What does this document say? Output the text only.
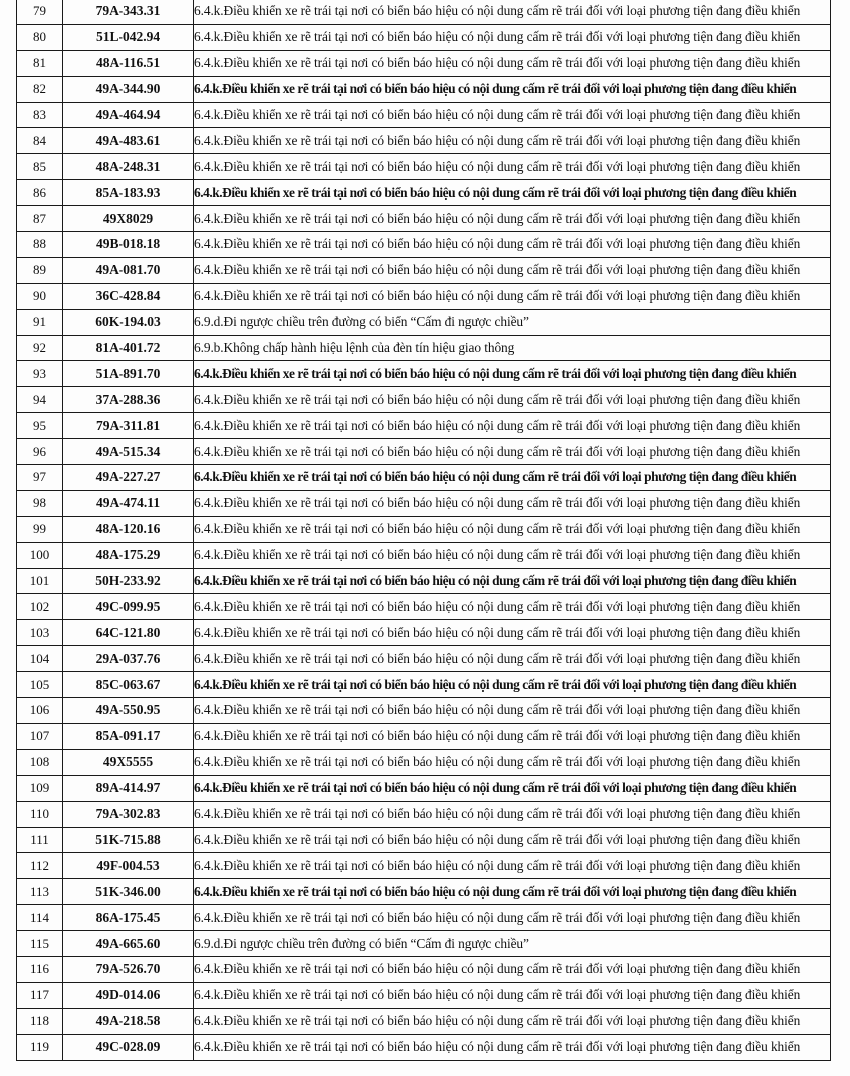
79	79A-343.31	6.4.k.Điều khiển xe rẽ trái tại nơi có biển báo hiệu có nội dung cấm rẽ trái đối với loại phương tiện đang điều khiển
80	51L-042.94	6.4.k.Điều khiển xe rẽ trái tại nơi có biển báo hiệu có nội dung cấm rẽ trái đối với loại phương tiện đang điều khiển
81	48A-116.51	6.4.k.Điều khiển xe rẽ trái tại nơi có biển báo hiệu có nội dung cấm rẽ trái đối với loại phương tiện đang điều khiển
82	49A-344.90	6.4.k.Điều khiển xe rẽ trái tại nơi có biển báo hiệu có nội dung cấm rẽ trái đối với loại phương tiện đang điều khiển
83	49A-464.94	6.4.k.Điều khiển xe rẽ trái tại nơi có biển báo hiệu có nội dung cấm rẽ trái đối với loại phương tiện đang điều khiển
84	49A-483.61	6.4.k.Điều khiển xe rẽ trái tại nơi có biển báo hiệu có nội dung cấm rẽ trái đối với loại phương tiện đang điều khiển
85	48A-248.31	6.4.k.Điều khiển xe rẽ trái tại nơi có biển báo hiệu có nội dung cấm rẽ trái đối với loại phương tiện đang điều khiển
86	85A-183.93	6.4.k.Điều khiển xe rẽ trái tại nơi có biển báo hiệu có nội dung cấm rẽ trái đối với loại phương tiện đang điều khiển
87	49X8029	6.4.k.Điều khiển xe rẽ trái tại nơi có biển báo hiệu có nội dung cấm rẽ trái đối với loại phương tiện đang điều khiển
88	49B-018.18	6.4.k.Điều khiển xe rẽ trái tại nơi có biển báo hiệu có nội dung cấm rẽ trái đối với loại phương tiện đang điều khiển
89	49A-081.70	6.4.k.Điều khiển xe rẽ trái tại nơi có biển báo hiệu có nội dung cấm rẽ trái đối với loại phương tiện đang điều khiển
90	36C-428.84	6.4.k.Điều khiển xe rẽ trái tại nơi có biển báo hiệu có nội dung cấm rẽ trái đối với loại phương tiện đang điều khiển
91	60K-194.03	6.9.d.Đi ngược chiều trên đường có biển “Cấm đi ngược chiều”
92	81A-401.72	6.9.b.Không chấp hành hiệu lệnh của đèn tín hiệu giao thông
93	51A-891.70	6.4.k.Điều khiển xe rẽ trái tại nơi có biển báo hiệu có nội dung cấm rẽ trái đối với loại phương tiện đang điều khiển
94	37A-288.36	6.4.k.Điều khiển xe rẽ trái tại nơi có biển báo hiệu có nội dung cấm rẽ trái đối với loại phương tiện đang điều khiển
95	79A-311.81	6.4.k.Điều khiển xe rẽ trái tại nơi có biển báo hiệu có nội dung cấm rẽ trái đối với loại phương tiện đang điều khiển
96	49A-515.34	6.4.k.Điều khiển xe rẽ trái tại nơi có biển báo hiệu có nội dung cấm rẽ trái đối với loại phương tiện đang điều khiển
97	49A-227.27	6.4.k.Điều khiển xe rẽ trái tại nơi có biển báo hiệu có nội dung cấm rẽ trái đối với loại phương tiện đang điều khiển
98	49A-474.11	6.4.k.Điều khiển xe rẽ trái tại nơi có biển báo hiệu có nội dung cấm rẽ trái đối với loại phương tiện đang điều khiển
99	48A-120.16	6.4.k.Điều khiển xe rẽ trái tại nơi có biển báo hiệu có nội dung cấm rẽ trái đối với loại phương tiện đang điều khiển
100	48A-175.29	6.4.k.Điều khiển xe rẽ trái tại nơi có biển báo hiệu có nội dung cấm rẽ trái đối với loại phương tiện đang điều khiển
101	50H-233.92	6.4.k.Điều khiển xe rẽ trái tại nơi có biển báo hiệu có nội dung cấm rẽ trái đối với loại phương tiện đang điều khiển
102	49C-099.95	6.4.k.Điều khiển xe rẽ trái tại nơi có biển báo hiệu có nội dung cấm rẽ trái đối với loại phương tiện đang điều khiển
103	64C-121.80	6.4.k.Điều khiển xe rẽ trái tại nơi có biển báo hiệu có nội dung cấm rẽ trái đối với loại phương tiện đang điều khiển
104	29A-037.76	6.4.k.Điều khiển xe rẽ trái tại nơi có biển báo hiệu có nội dung cấm rẽ trái đối với loại phương tiện đang điều khiển
105	85C-063.67	6.4.k.Điều khiển xe rẽ trái tại nơi có biển báo hiệu có nội dung cấm rẽ trái đối với loại phương tiện đang điều khiển
106	49A-550.95	6.4.k.Điều khiển xe rẽ trái tại nơi có biển báo hiệu có nội dung cấm rẽ trái đối với loại phương tiện đang điều khiển
107	85A-091.17	6.4.k.Điều khiển xe rẽ trái tại nơi có biển báo hiệu có nội dung cấm rẽ trái đối với loại phương tiện đang điều khiển
108	49X5555	6.4.k.Điều khiển xe rẽ trái tại nơi có biển báo hiệu có nội dung cấm rẽ trái đối với loại phương tiện đang điều khiển
109	89A-414.97	6.4.k.Điều khiển xe rẽ trái tại nơi có biển báo hiệu có nội dung cấm rẽ trái đối với loại phương tiện đang điều khiển
110	79A-302.83	6.4.k.Điều khiển xe rẽ trái tại nơi có biển báo hiệu có nội dung cấm rẽ trái đối với loại phương tiện đang điều khiển
111	51K-715.88	6.4.k.Điều khiển xe rẽ trái tại nơi có biển báo hiệu có nội dung cấm rẽ trái đối với loại phương tiện đang điều khiển
112	49F-004.53	6.4.k.Điều khiển xe rẽ trái tại nơi có biển báo hiệu có nội dung cấm rẽ trái đối với loại phương tiện đang điều khiển
113	51K-346.00	6.4.k.Điều khiển xe rẽ trái tại nơi có biển báo hiệu có nội dung cấm rẽ trái đối với loại phương tiện đang điều khiển
114	86A-175.45	6.4.k.Điều khiển xe rẽ trái tại nơi có biển báo hiệu có nội dung cấm rẽ trái đối với loại phương tiện đang điều khiển
115	49A-665.60	6.9.d.Đi ngược chiều trên đường có biển “Cấm đi ngược chiều”
116	79A-526.70	6.4.k.Điều khiển xe rẽ trái tại nơi có biển báo hiệu có nội dung cấm rẽ trái đối với loại phương tiện đang điều khiển
117	49D-014.06	6.4.k.Điều khiển xe rẽ trái tại nơi có biển báo hiệu có nội dung cấm rẽ trái đối với loại phương tiện đang điều khiển
118	49A-218.58	6.4.k.Điều khiển xe rẽ trái tại nơi có biển báo hiệu có nội dung cấm rẽ trái đối với loại phương tiện đang điều khiển
119	49C-028.09	6.4.k.Điều khiển xe rẽ trái tại nơi có biển báo hiệu có nội dung cấm rẽ trái đối với loại phương tiện đang điều khiển
